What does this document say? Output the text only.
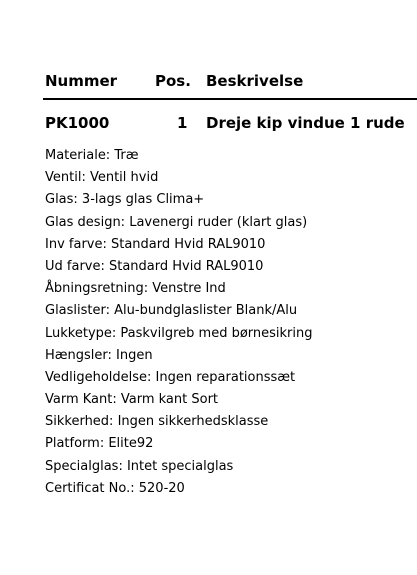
Nummer	Pos. Beskrivelse
PK1000	1 Dreje kip vindue 1 rude
Materiale: Træ
Ventil: Ventil hvid
Glas: 3-lags glas Clima+
Glas design: Lavenergi ruder (klart glas)
Inv farve: Standard Hvid RAL9010
Ud farve: Standard Hvid RAL9010
Åbningsretning: Venstre Ind
Glaslister: Alu-bundglaslister Blank/Alu
Lukketype: Paskvilgreb med børnesikring
Hængsler: Ingen
Vedligeholdelse: Ingen reparationssæt
Varm Kant: Varm kant Sort
Sikkerhed: Ingen sikkerhedsklasse
Platform: Elite92
Specialglas: Intet specialglas
Certificat No.: 520-20
